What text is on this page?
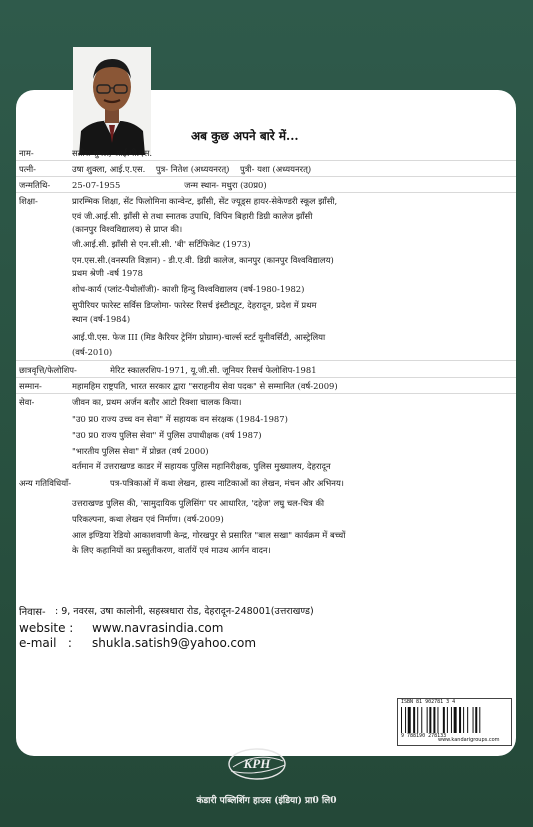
अब कुछ अपने बारे में...
नाम-	सतीश शुक्ल, आई.पी.एस.
पत्नी-	उषा शुक्ला, आई.ए.एस.    पुत्र- नितेश (अध्ययनरत्)    पुत्री- यशा (अध्ययनरत्)
जन्मतिथि-	25-07-1955                        जन्म स्थान- मथुरा (उ0प्र0)
शिक्षा-	प्रारम्भिक शिक्षा, सेंट फिलोमिना कान्वेन्ट, झाँसी, सेंट ज्यूड्स हायर-सेकेण्डरी स्कूल झाँसी,
एवं जी.आई.सी. झाँसी से तथा स्नातक उपाधि, विपिन बिहारी डिग्री कालेज झाँसी
(कानपुर विश्वविद्यालय) से प्राप्त की।
जी.आई.सी. झाँसी से एन.सी.सी. 'बी' सर्टिफिकेट (1973)
एम.एस.सी.(वनस्पति विज्ञान) - डी.ए.वी. डिग्री कालेज, कानपुर (कानपुर विश्वविद्यालय)
प्रथम श्रेणी -वर्ष 1978
शोध-कार्य (प्लांट-पैथोलॉजी)- काशी हिन्दु विश्वविद्यालय (वर्ष-1980-1982)
सुपीरियर फारेस्ट सर्विस डिप्लोमा- फारेस्ट रिसर्च इंस्टीट्यूट, देहरादून, प्रदेश में प्रथम
स्थान (वर्ष-1984)
आई.पी.एस. फेज III (मिड कैरियर ट्रेनिंग प्रोग्राम)-चार्ल्स स्टर्ट यूनीवर्सिटी, आस्ट्रेलिया
(वर्ष-2010)
छात्रवृत्ति/फेलोशिप-	मेरिट स्कालरशिप-1971, यू.जी.सी. जूनियर रिसर्च फेलोशिप-1981
सम्मान-	महामहिम राष्ट्रपति, भारत सरकार द्वारा "सराहनीय सेवा पदक" से सम्मानित (वर्ष-2009)
सेवा-	जीवन का, प्रथम अर्जन बतौर आटो रिक्शा चालक किया।
"उ0 प्र0 राज्य उच्च वन सेवा" में सहायक वन संरक्षक (1984-1987)
"उ0 प्र0 राज्य पुलिस सेवा" में पुलिस उपाधीक्षक (वर्ष 1987)
"भारतीय पुलिस सेवा" में प्रोन्नत (वर्ष 2000)
वर्तमान में उत्तराखण्ड काडर में सहायक पुलिस महानिरीक्षक, पुलिस मुख्यालय, देहरादून
अन्य गतिविधियाँ-	पत्र-पत्रिकाओं में कथा लेखन, हास्य नाटिकाओं का लेखन, मंचन और अभिनय।
उत्तराखण्ड पुलिस की, 'सामुदायिक पुलिसिंग' पर आधारित, 'दहेज' लघु चल-चित्र की
परिकल्पना, कथा लेखन एवं निर्माण। (वर्ष-2009)
आल इण्डिया रेडियो आकाशवाणी केन्द्र, गोरखपुर से प्रसारित "बाल सखा" कार्यक्रम में बच्चों
के लिए कहानियों का प्रस्तुतीकरण, वार्तायें एवं माउथ आर्गन वादन।
निवास- : 9, नवरस, उषा कालोनी, सहस्त्रधारा रोड, देहरादून-248001(उत्तराखण्ड)
website : www.navrasindia.com
e-mail   : shukla.satish9@yahoo.com
ISBN 81 902781 3 4
9 788190 278133
www.kandarigroups.com
KPH
कंडारी पब्लिशिंग हाउस (इंडिया) प्रा0 लि0
